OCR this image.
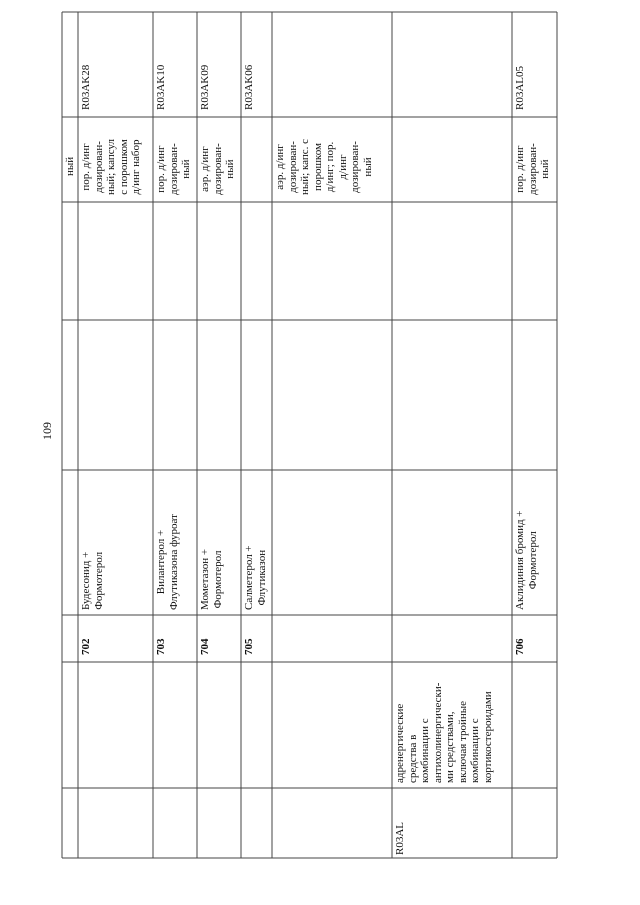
109
ный
702
Будесонид + Формотерол
пор. д/инг дозирован- ный; капсул с порошком д/инг набор
R03AK28
703
Вилантерол + Флутиказона фуроат
пор. д/инг дозирован- ный
R03AK10
704
Мометазон + Формотерол
аэр. д/инг дозирован- ный
R03AK09
705
Салметерол + Флутиказон
R03AK06
аэр. д/инг дозирован- ный; капс. с порошком д/инг; пор. д/инг дозирован- ный
R03AL
адренергические средства в комбинации с антихолинергически- ми средствами, включая тройные комбинации с кортикостероидами
706
Аклидиния бромид + Формотерол
пор. д/инг дозирован- ный
R03AL05
